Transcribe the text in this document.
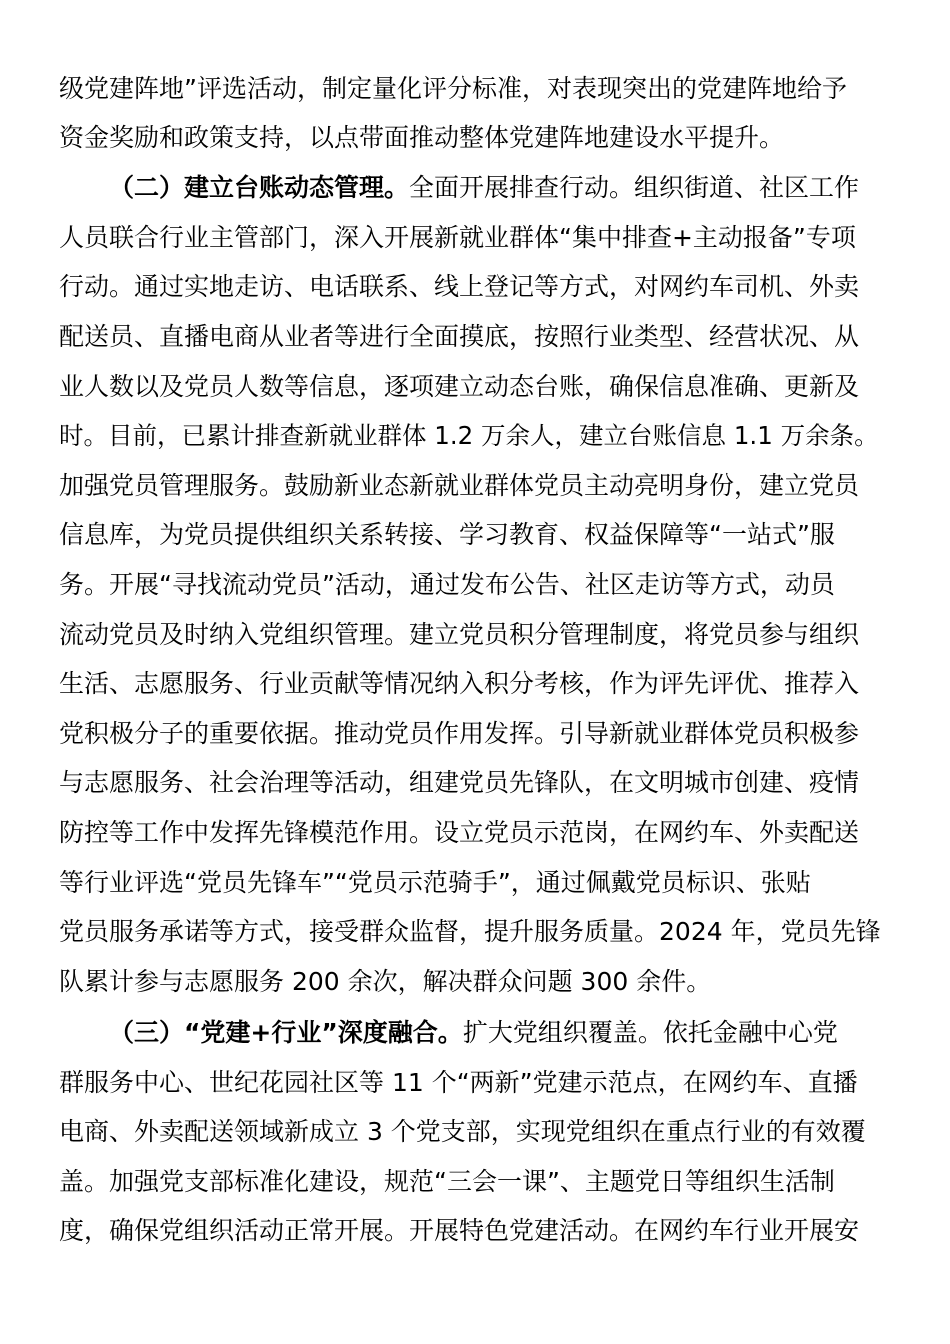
级党建阵地”评选活动，制定量化评分标准，对表现突出的党建阵地给予
资金奖励和政策支持，以点带面推动整体党建阵地建设水平提升。
（二）建立台账动态管理。全面开展排查行动。组织街道、社区工作
人员联合行业主管部门，深入开展新就业群体“集中排查+主动报备”专项
行动。通过实地走访、电话联系、线上登记等方式，对网约车司机、外卖
配送员、直播电商从业者等进行全面摸底，按照行业类型、经营状况、从
业人数以及党员人数等信息，逐项建立动态台账，确保信息准确、更新及
时。目前，已累计排查新就业群体 1.2 万余人，建立台账信息 1.1 万余条。
加强党员管理服务。鼓励新业态新就业群体党员主动亮明身份，建立党员
信息库，为党员提供组织关系转接、学习教育、权益保障等“一站式”服
务。开展“寻找流动党员”活动，通过发布公告、社区走访等方式，动员
流动党员及时纳入党组织管理。建立党员积分管理制度，将党员参与组织
生活、志愿服务、行业贡献等情况纳入积分考核，作为评先评优、推荐入
党积极分子的重要依据。推动党员作用发挥。引导新就业群体党员积极参
与志愿服务、社会治理等活动，组建党员先锋队，在文明城市创建、疫情
防控等工作中发挥先锋模范作用。设立党员示范岗，在网约车、外卖配送
等行业评选“党员先锋车”“党员示范骑手”，通过佩戴党员标识、张贴
党员服务承诺等方式，接受群众监督，提升服务质量。2024 年，党员先锋
队累计参与志愿服务 200 余次，解决群众问题 300 余件。
（三）“党建+行业”深度融合。扩大党组织覆盖。依托金融中心党
群服务中心、世纪花园社区等 11 个“两新”党建示范点，在网约车、直播
电商、外卖配送领域新成立 3 个党支部，实现党组织在重点行业的有效覆
盖。加强党支部标准化建设，规范“三会一课”、主题党日等组织生活制
度，确保党组织活动正常开展。开展特色党建活动。在网约车行业开展安
